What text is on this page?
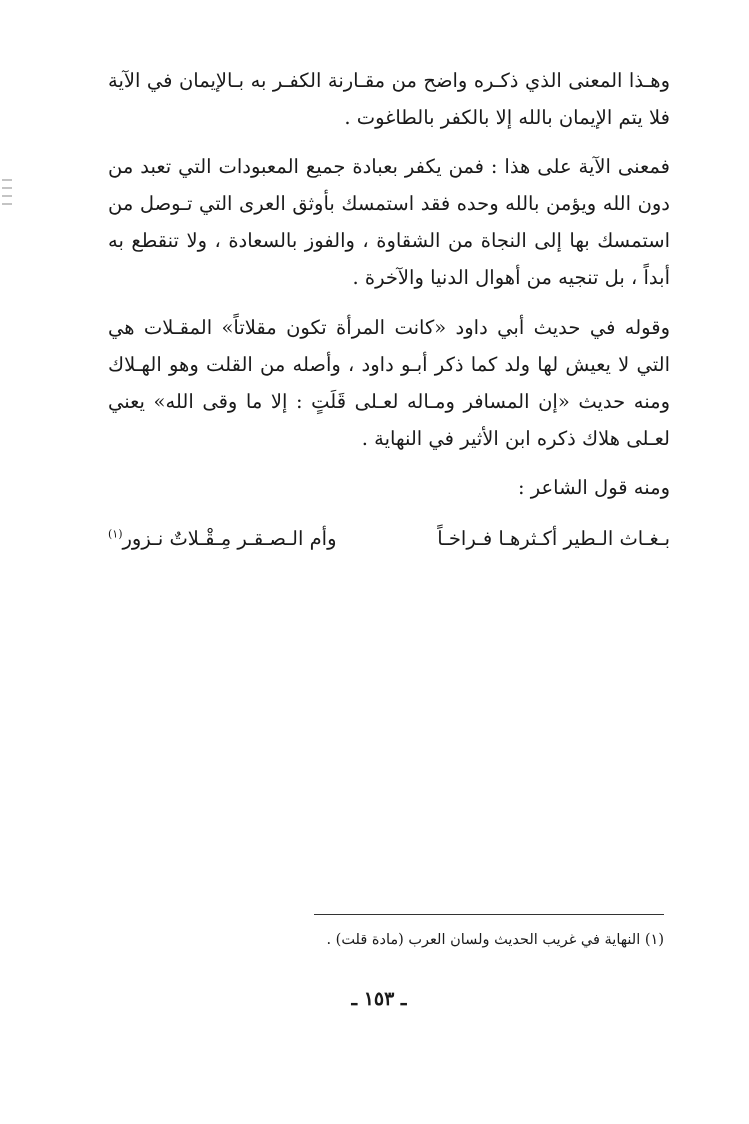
وهـذا المعنى الذي ذكـره واضح من مقـارنة الكفـر به بـالإيمان في الآية فلا يتم الإيمان بالله إلا بالكفر بالطاغوت .

فمعنى الآية على هذا : فمن يكفر بعبادة جميع المعبودات التي تعبد من دون الله ويؤمن بالله وحده فقد استمسك بأوثق العرى التي تـوصل من استمسك بها إلى النجاة من الشقاوة ، والفوز بالسعادة ، ولا تنقطع به أبداً ، بل تنجيه من أهوال الدنيا والآخرة .

وقوله في حديث أبي داود «كانت المرأة تكون مقلاتاً» المقـلات هي التي لا يعيش لها ولد كما ذكر أبـو داود ، وأصله من القلت وهو الهـلاك ومنه حديث «إن المسافر ومـاله لعـلى قَلَتٍ : إلا ما وقى الله» يعني لعـلى هلاك ذكره ابن الأثير في النهاية .

ومنه قول الشاعر :

بـغـاث الـطير أكـثرهـا فـراخـاً
وأم الـصـقـر مِـقْـلاتٌ نـزور$^{(١)}$

(١) النهاية في غريب الحديث ولسان العرب (مادة قلت) .

ـ ١٥٣ ـ
